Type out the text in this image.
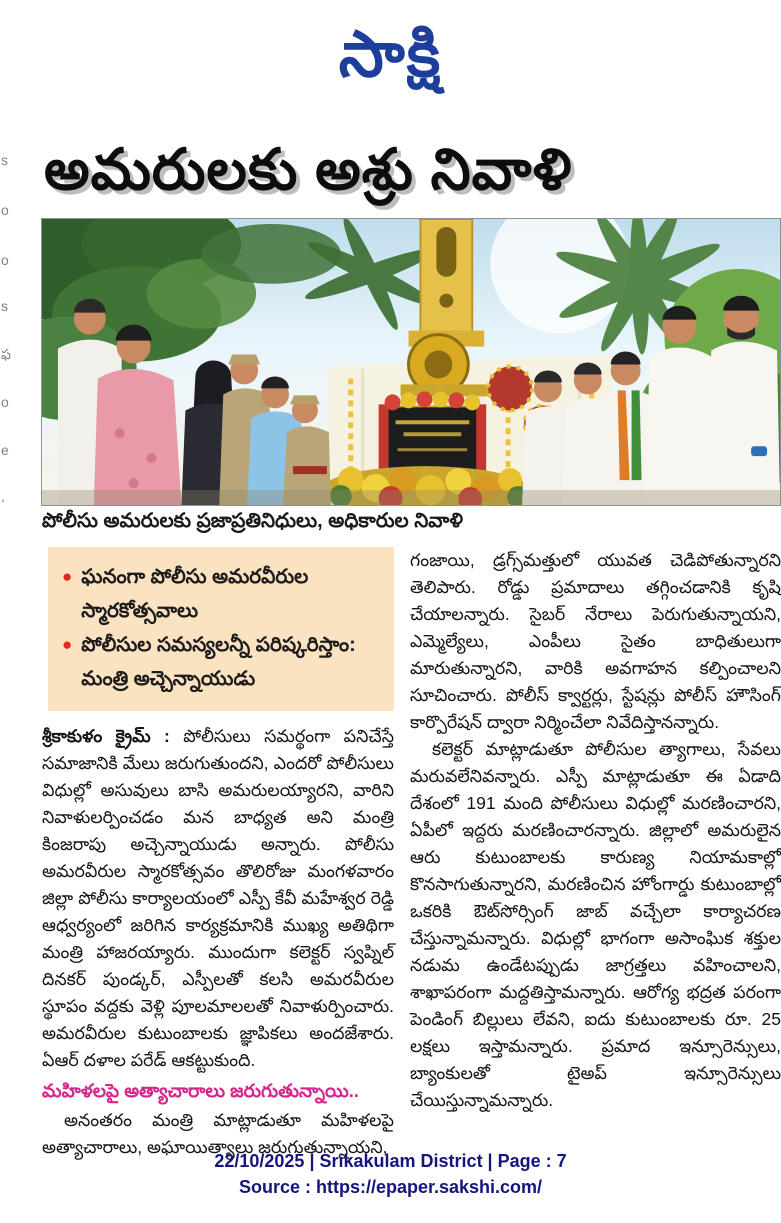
సాక్షి
s
o
o
s
ఫ
o
e
,
అమరులకు అశ్రు నివాళి
పోలీసు అమరులకు ప్రజాప్రతినిధులు, అధికారుల నివాళి
● ఘనంగా పోలీసు అమరవీరుల స్మారకోత్సవాలు
● పోలీసుల సమస్యలన్నీ పరిష్కరిస్తాం: మంత్రి అచ్చెన్నాయుడు

శ్రీకాకుళం క్రైమ్ : పోలీసులు సమర్థంగా పనిచేస్తే సమాజానికి మేలు జరుగుతుందని, ఎందరో పోలీసులు విధుల్లో అసువులు బాసి అమరులయ్యారని, వారిని నివాళులర్పించడం మన బాధ్యత అని మంత్రి కింజరాపు అచ్చెన్నాయుడు అన్నారు. పోలీసు అమరవీరుల స్మారకోత్సవం తొలిరోజు మంగళవారం జిల్లా పోలీసు కార్యాలయంలో ఎస్పీ కేవీ మహేశ్వర రెడ్డి ఆధ్వర్యంలో జరిగిన కార్యక్రమానికి ముఖ్య అతిథిగా మంత్రి హాజరయ్యారు. ముందుగా కలెక్టర్ స్వప్నిల్ దినకర్ పుండ్కర్, ఎస్పీలతో కలసి అమరవీరుల స్థూపం వద్దకు వెళ్లి పూలమాలలతో నివాళుర్పించారు. అమరవీరుల కుటుంబాలకు జ్ఞాపికలు అందజేశారు. ఏఆర్ దళాల పరేడ్ ఆకట్టుకుంది.

మహిళలపై అత్యాచారాలు జరుగుతున్నాయి..

అనంతరం మంత్రి మాట్లాడుతూ మహిళలపై అత్యాచారాలు, అఘాయిత్యాలు జరుగుతున్నాయని,

గంజాయి, డ్రగ్స్‌మత్తులో యువత చెడిపోతున్నారని తెలిపారు. రోడ్డు ప్రమాదాలు తగ్గించడానికి కృషి చేయాలన్నారు. సైబర్ నేరాలు పెరుగుతున్నాయని, ఎమ్మెల్యేలు, ఎంపీలు సైతం బాధితులుగా మారుతున్నారని, వారికి అవగాహన కల్పించాలని సూచించారు. పోలీస్ క్వార్టర్లు, స్టేషన్లు పోలీస్ హౌసింగ్ కార్పొరేషన్ ద్వారా నిర్మించేలా నివేదిస్తానన్నారు.

కలెక్టర్ మాట్లాడుతూ పోలీసుల త్యాగాలు, సేవలు మరువలేనివన్నారు. ఎస్పీ మాట్లాడుతూ ఈ ఏడాది దేశంలో 191 మంది పోలీసులు విధుల్లో మరణించారని, ఏపీలో ఇద్దరు మరణించారన్నారు. జిల్లాలో అమరులైన ఆరు కుటుంబాలకు కారుణ్య నియామకాల్లో కొనసాగుతున్నారని, మరణించిన హోంగార్డు కుటుంబాల్లో ఒకరికి ఔట్‌సోర్సింగ్ జాబ్ వచ్చేలా కార్యాచరణ చేస్తున్నామన్నారు. విధుల్లో భాగంగా అసాంఘిక శక్తుల నడుమ ఉండేటప్పుడు జాగ్రత్తలు వహించాలని, శాఖాపరంగా మద్దతిస్తామన్నారు. ఆరోగ్య భద్రత పరంగా పెండింగ్ బిల్లులు లేవని, ఐదు కుటుంబాలకు రూ. 25 లక్షలు ఇస్తామన్నారు. ప్రమాద ఇన్సూరెన్సులు, బ్యాంకులతో టైఅప్ ఇన్సూరెన్సులు చేయిస్తున్నామన్నారు.

22/10/2025 | Srikakulam District | Page : 7
Source : https://epaper.sakshi.com/
